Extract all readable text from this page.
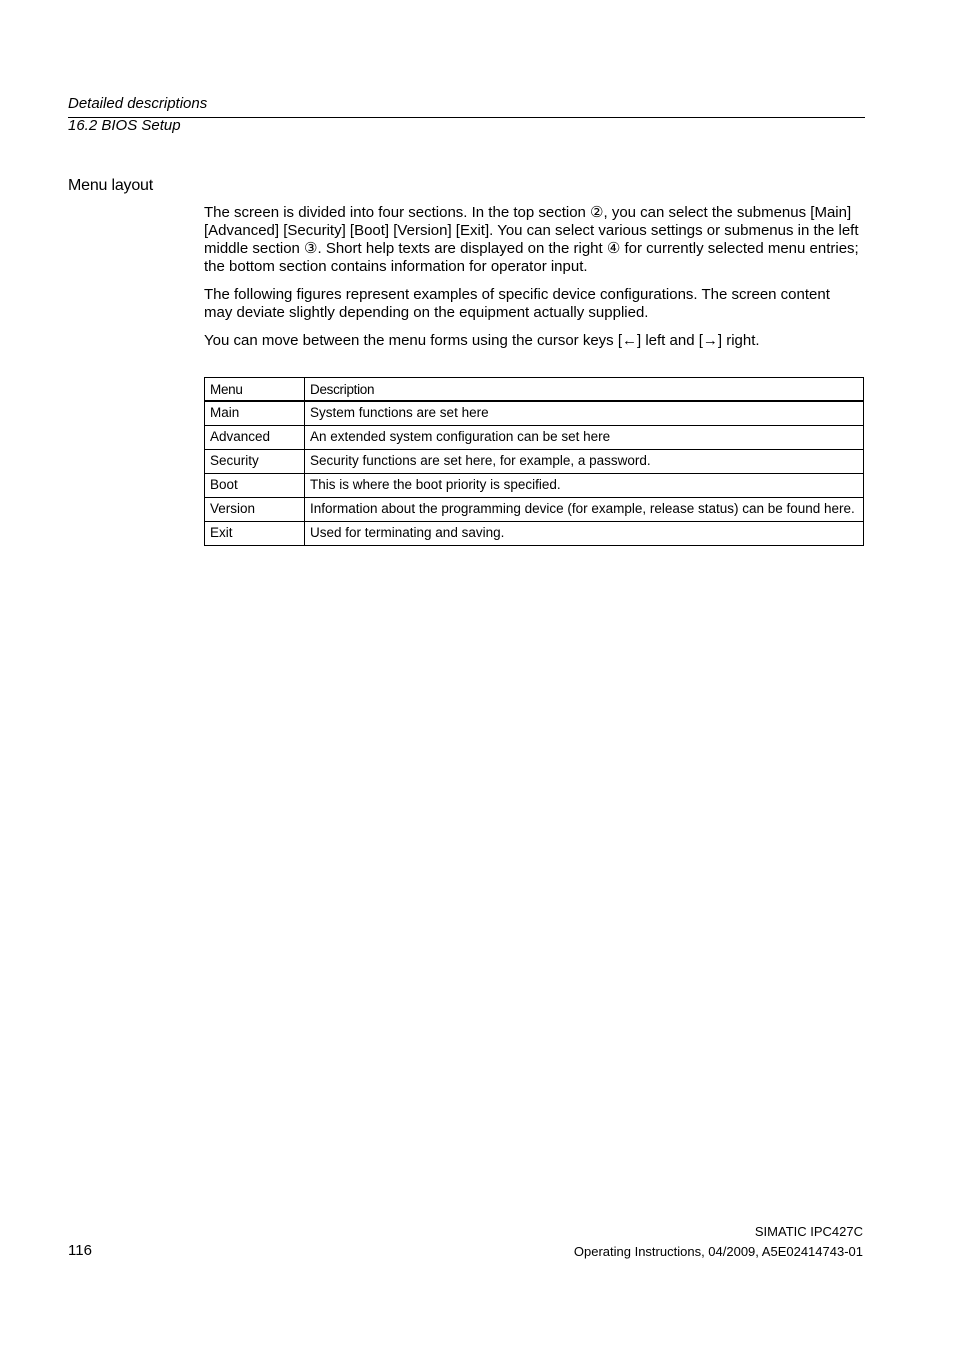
Detailed descriptions
16.2 BIOS Setup
Menu layout

The screen is divided into four sections. In the top section ②, you can select the submenus [Main] [Advanced] [Security] [Boot] [Version] [Exit]. You can select various settings or submenus in the left middle section ③. Short help texts are displayed on the right ④ for currently selected menu entries; the bottom section contains information for operator input.

The following figures represent examples of specific device configurations. The screen content may deviate slightly depending on the equipment actually supplied.

You can move between the menu forms using the cursor keys [←] left and [→] right.

Menu	Description
Main	System functions are set here
Advanced	An extended system configuration can be set here
Security	Security functions are set here, for example, a password.
Boot	This is where the boot priority is specified.
Version	Information about the programming device (for example, release status) can be found here.
Exit	Used for terminating and saving.
SIMATIC IPC427C
116	Operating Instructions, 04/2009, A5E02414743-01
